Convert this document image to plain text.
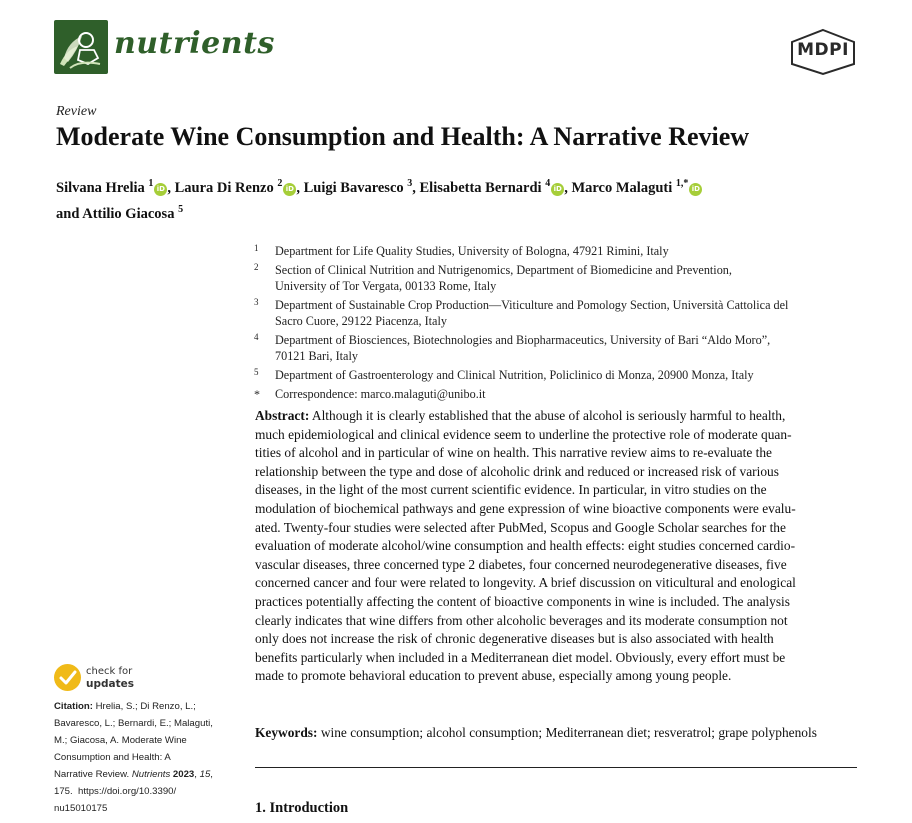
nutrients	MDPI
Review
Moderate Wine Consumption and Health: A Narrative Review
Silvana Hrelia $^1$ iD , Laura Di Renzo $^2$ iD , Luigi Bavaresco $^3$, Elisabetta Bernardi $^4$ iD , Marco Malaguti $^{1,*}$ iD
and Attilio Giacosa $^5$
1 Department for Life Quality Studies, University of Bologna, 47921 Rimini, Italy
2 Section of Clinical Nutrition and Nutrigenomics, Department of Biomedicine and Prevention,
University of Tor Vergata, 00133 Rome, Italy
3 Department of Sustainable Crop Production—Viticulture and Pomology Section, Università Cattolica del
Sacro Cuore, 29122 Piacenza, Italy
4 Department of Biosciences, Biotechnologies and Biopharmaceutics, University of Bari “Aldo Moro”,
70121 Bari, Italy
5 Department of Gastroenterology and Clinical Nutrition, Policlinico di Monza, 20900 Monza, Italy
* Correspondence: marco.malaguti@unibo.it
Abstract: Although it is clearly established that the abuse of alcohol is seriously harmful to health,
much epidemiological and clinical evidence seem to underline the protective role of moderate quan-
tities of alcohol and in particular of wine on health. This narrative review aims to re-evaluate the
relationship between the type and dose of alcoholic drink and reduced or increased risk of various
diseases, in the light of the most current scientific evidence. In particular, in vitro studies on the
modulation of biochemical pathways and gene expression of wine bioactive components were evalu-
ated. Twenty-four studies were selected after PubMed, Scopus and Google Scholar searches for the
evaluation of moderate alcohol/wine consumption and health effects: eight studies concerned cardio-
vascular diseases, three concerned type 2 diabetes, four concerned neurodegenerative diseases, five
concerned cancer and four were related to longevity. A brief discussion on viticultural and enological
practices potentially affecting the content of bioactive components in wine is included. The analysis
clearly indicates that wine differs from other alcoholic beverages and its moderate consumption not
only does not increase the risk of chronic degenerative diseases but is also associated with health
benefits particularly when included in a Mediterranean diet model. Obviously, every effort must be
made to promote behavioral education to prevent abuse, especially among young people.
Keywords: wine consumption; alcohol consumption; Mediterranean diet; resveratrol; grape polyphenols
1. Introduction
check for
updates
Citation: Hrelia, S.; Di Renzo, L.;
Bavaresco, L.; Bernardi, E.; Malaguti,
M.; Giacosa, A. Moderate Wine
Consumption and Health: A
Narrative Review. Nutrients 2023, 15,
175. https://doi.org/10.3390/
nu15010175
